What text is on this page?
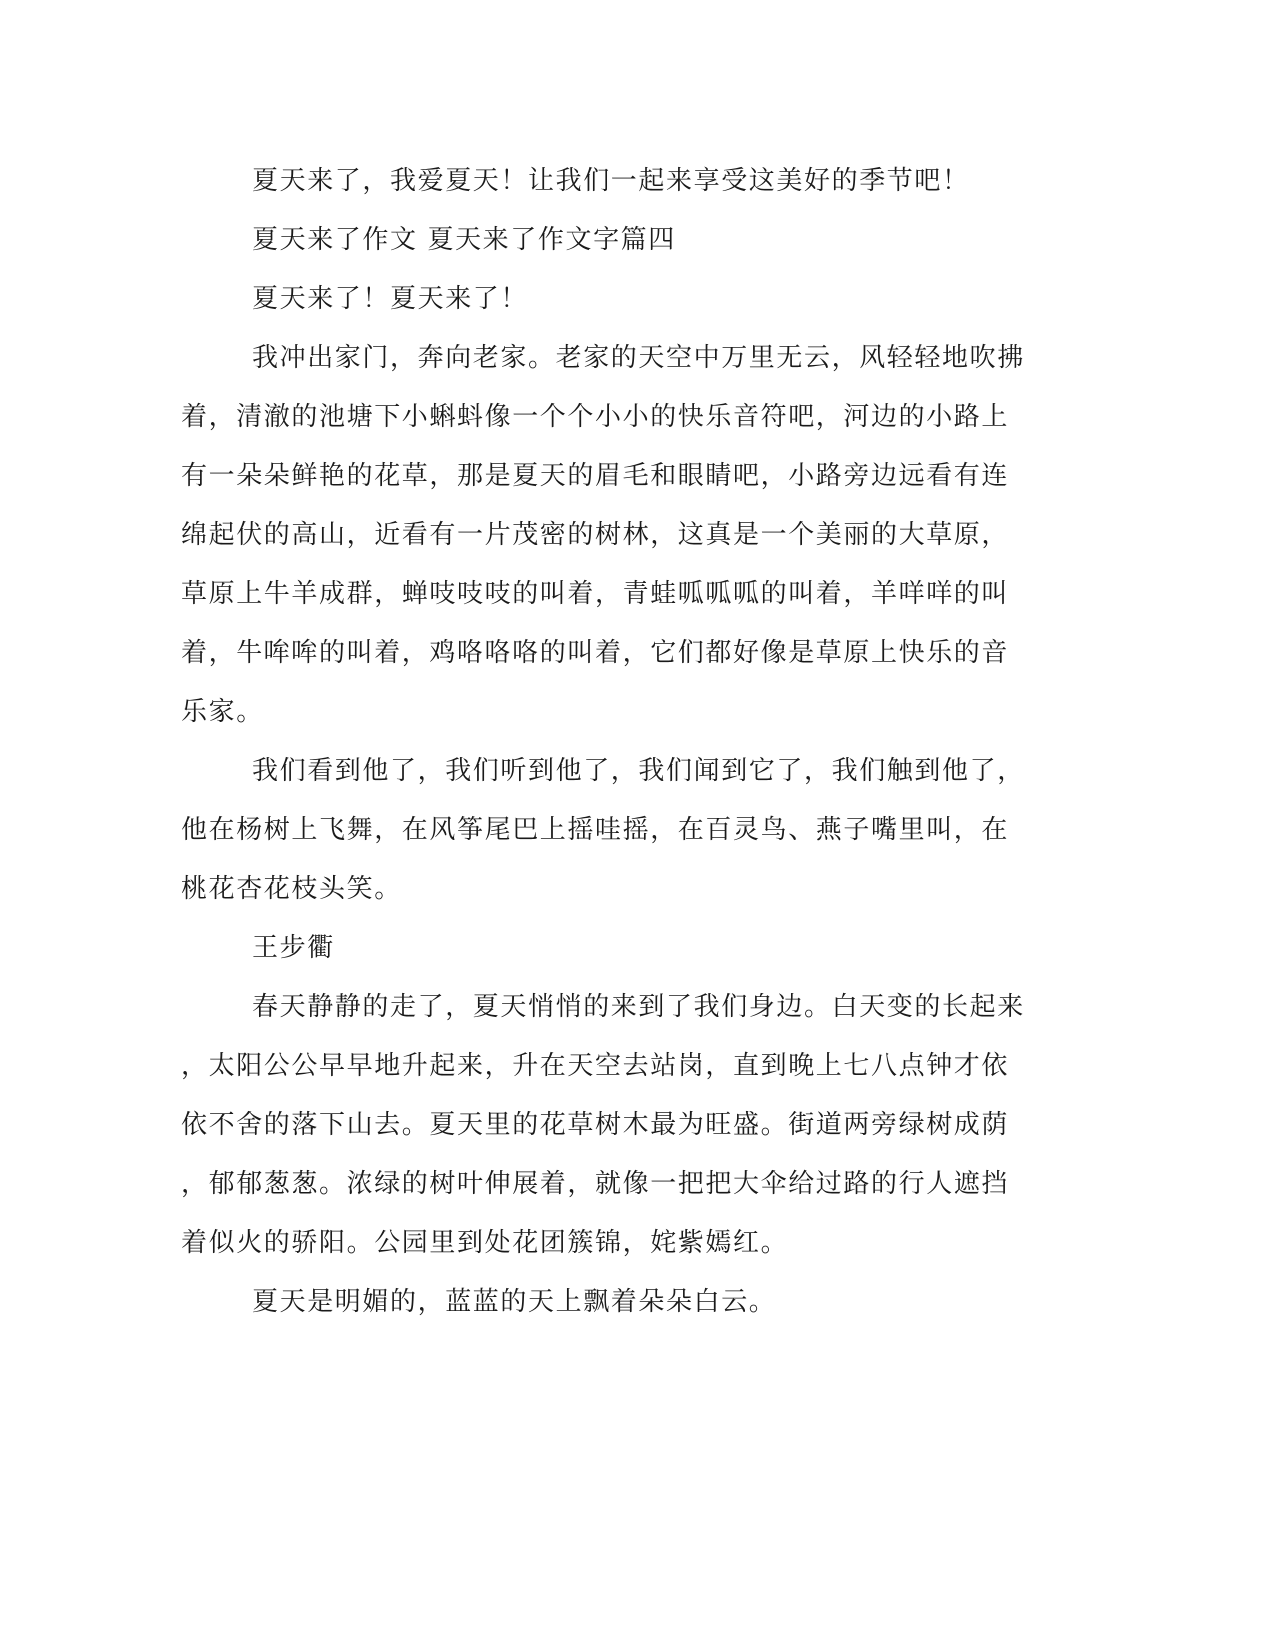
夏天来了，我爱夏天！让我们一起来享受这美好的季节吧！
夏天来了作文 夏天来了作文字篇四
夏天来了！夏天来了！
我冲出家门，奔向老家。老家的天空中万里无云，风轻轻地吹拂
着，清澈的池塘下小蝌蚪像一个个小小的快乐音符吧，河边的小路上
有一朵朵鲜艳的花草，那是夏天的眉毛和眼睛吧，小路旁边远看有连
绵起伏的高山，近看有一片茂密的树林，这真是一个美丽的大草原，
草原上牛羊成群，蝉吱吱吱的叫着，青蛙呱呱呱的叫着，羊咩咩的叫
着，牛哞哞的叫着，鸡咯咯咯的叫着，它们都好像是草原上快乐的音
乐家。
我们看到他了，我们听到他了，我们闻到它了，我们触到他了，
他在杨树上飞舞，在风筝尾巴上摇哇摇，在百灵鸟、燕子嘴里叫，在
桃花杏花枝头笑。
王步衢
春天静静的走了，夏天悄悄的来到了我们身边。白天变的长起来
，太阳公公早早地升起来，升在天空去站岗，直到晚上七八点钟才依
依不舍的落下山去。夏天里的花草树木最为旺盛。街道两旁绿树成荫
，郁郁葱葱。浓绿的树叶伸展着，就像一把把大伞给过路的行人遮挡
着似火的骄阳。公园里到处花团簇锦，姹紫嫣红。
夏天是明媚的，蓝蓝的天上飘着朵朵白云。
